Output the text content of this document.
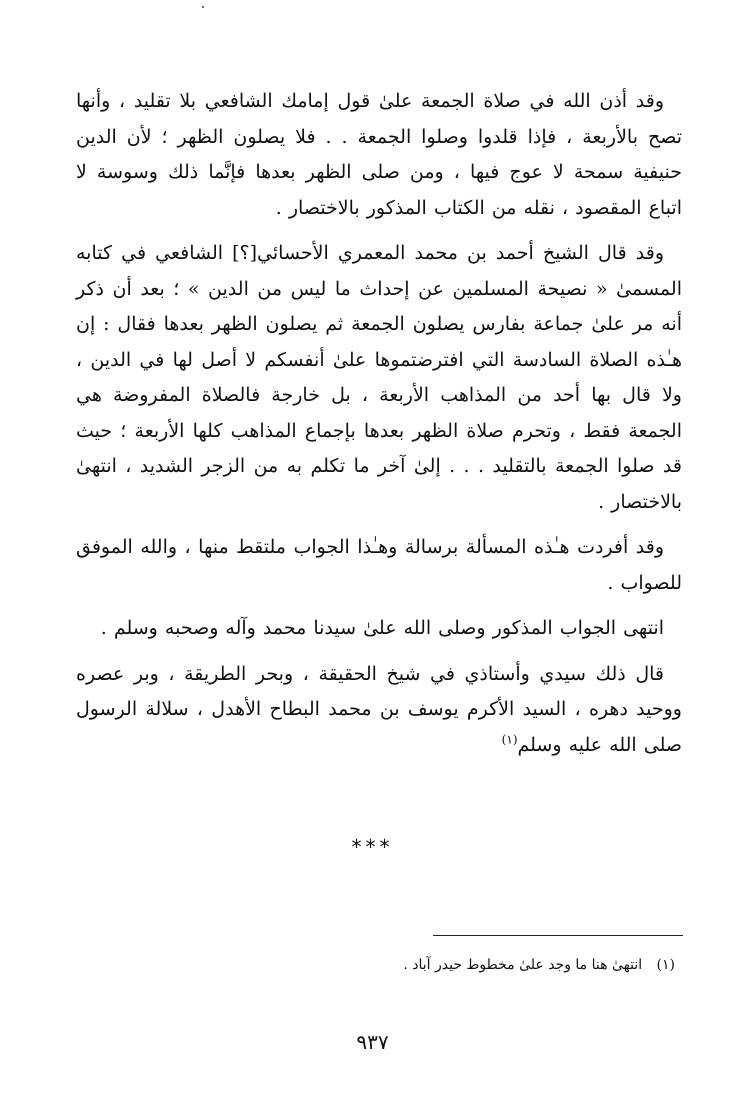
وقد أذن الله في صلاة الجمعة علىٰ قول إمامك الشافعي بلا تقليد ، وأنها تصح بالأربعة ، فإذا قلدوا وصلوا الجمعة . . فلا يصلون الظهر ؛ لأن الدين حنيفية سمحة لا عوج فيها ، ومن صلى الظهر بعدها فإنَّما ذلك وسوسة لا اتباع المقصود ، نقله من الكتاب المذكور بالاختصار .

وقد قال الشيخ أحمد بن محمد المعمري الأحسائي[؟] الشافعي في كتابه المسمىٰ « نصيحة المسلمين عن إحداث ما ليس من الدين » ؛ بعد أن ذكر أنه مر علىٰ جماعة بفارس يصلون الجمعة ثم يصلون الظهر بعدها فقال : إن هـٰذه الصلاة السادسة التي افترضتموها علىٰ أنفسكم لا أصل لها في الدين ، ولا قال بها أحد من المذاهب الأربعة ، بل خارجة فالصلاة المفروضة هي الجمعة فقط ، وتحرم صلاة الظهر بعدها بإجماع المذاهب كلها الأربعة ؛ حيث قد صلوا الجمعة بالتقليد . . . إلىٰ آخر ما تكلم به من الزجر الشديد ، انتهىٰ بالاختصار .

وقد أفردت هـٰذه المسألة برسالة وهـٰذا الجواب ملتقط منها ، والله الموفق للصواب .

انتهى الجواب المذكور وصلى الله علىٰ سيدنا محمد وآله وصحبه وسلم .

قال ذلك سيدي وأستاذي في شيخ الحقيقة ، وبحر الطريقة ، وبر عصره ووحيد دهره ، السيد الأكرم يوسف بن محمد البطاح الأهدل ، سلالة الرسول صلى الله عليه وسلم$^{(١)}$

***
(١) انتهىٰ هنا ما وجد علىٰ مخطوط حيدر آباد .
٩٣٧
